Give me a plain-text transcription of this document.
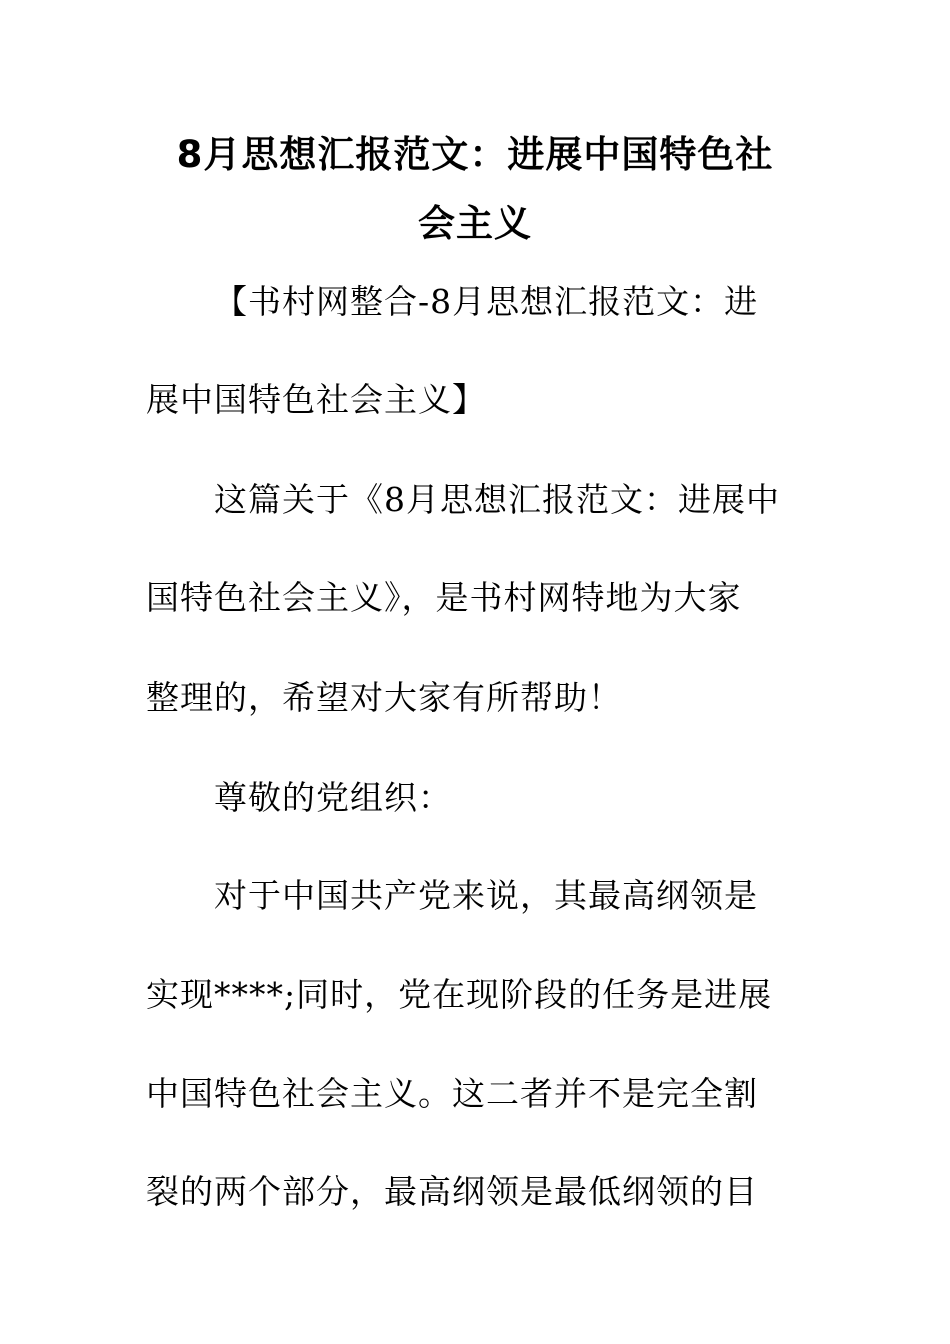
8月思想汇报范文：进展中国特色社
会主义
【书村网整合-8月思想汇报范文：进
展中国特色社会主义】
这篇关于《8月思想汇报范文：进展中
国特色社会主义》，是书村网特地为大家
整理的，希望对大家有所帮助！
尊敬的党组织：
对于中国共产党来说，其最高纲领是
实现****;同时，党在现阶段的任务是进展
中国特色社会主义。这二者并不是完全割
裂的两个部分，最高纲领是最低纲领的目
